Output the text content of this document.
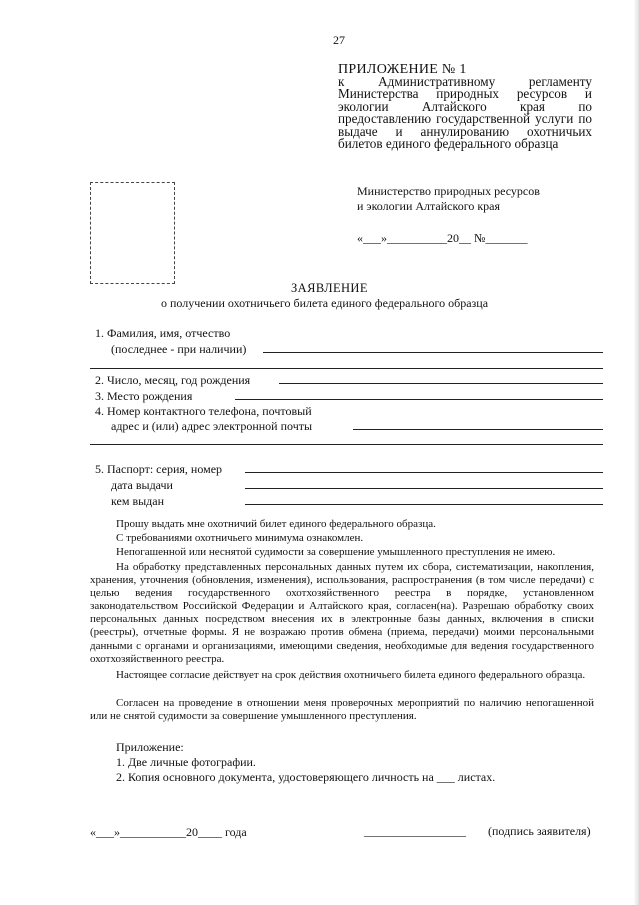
27
ПРИЛОЖЕНИЕ № 1
к Административному регламенту Министерства природных ресурсов и экологии Алтайского края по предоставлению государственной услуги по выдаче и аннулированию охотничьих билетов единого федерального образца
Министерство природных ресурсов
и экологии Алтайского края
«___»__________20__ №_______
ЗАЯВЛЕНИЕ
о получении охотничьего билета единого федерального образца
1. Фамилия, имя, отчество
(последнее - при наличии)
2. Число, месяц, год рождения
3. Место рождения
4. Номер контактного телефона, почтовый
адрес и (или) адрес электронной почты
5. Паспорт: серия, номер
дата выдачи
кем выдан
Прошу выдать мне охотничий билет единого федерального образца.
С требованиями охотничьего минимума ознакомлен.
Непогашенной или неснятой судимости за совершение умышленного преступления не имею.
На обработку представленных персональных данных путем их сбора, систематизации, накопления, хранения, уточнения (обновления, изменения), использования, распространения (в том числе передачи) с целью ведения государственного охотхозяйственного реестра в порядке, установленном законодательством Российской Федерации и Алтайского края, согласен(на). Разрешаю обработку своих персональных данных посредством внесения их в электронные базы данных, включения в списки (реестры), отчетные формы. Я не возражаю против обмена (приема, передачи) моими персональными данными с органами и организациями, имеющими сведения, необходимые для ведения государственного охотхозяйственного реестра.
Настоящее согласие действует на срок действия охотничьего билета единого федерального образца.
Согласен на проведение в отношении меня проверочных мероприятий по наличию непогашенной или не снятой судимости за совершение умышленного преступления.
Приложение:
1. Две личные фотографии.
2. Копия основного документа, удостоверяющего личность на ___ листах.
«___»___________20____ года	_________________ (подпись заявителя)
